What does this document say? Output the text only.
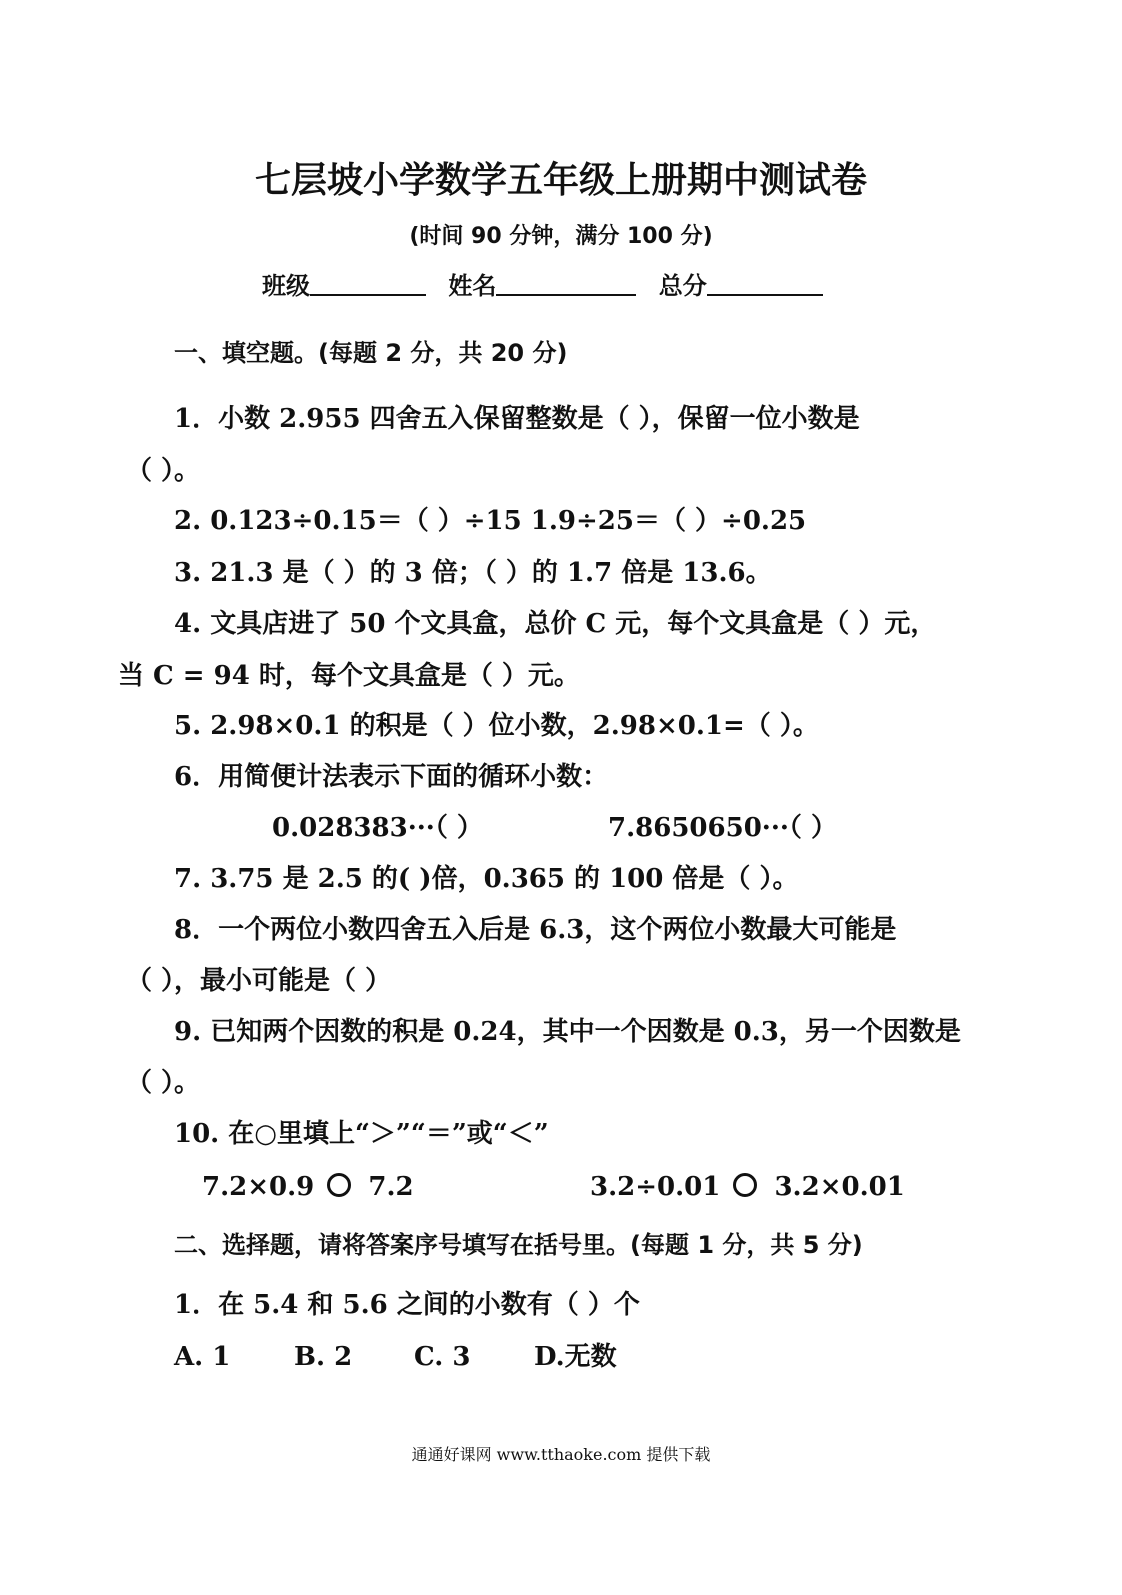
七层坡小学数学五年级上册期中测试卷
(时间 90 分钟，满分 100 分)
班级	姓名	总分
一、填空题。(每题 2 分，共 20 分)
1．小数 2.955 四舍五入保留整数是（ ），保留一位小数是
（ ）。
2. 0.123÷0.15＝（ ）÷15 1.9÷25＝（ ）÷0.25
3. 21.3 是（ ）的 3 倍；（ ）的 1.7 倍是 13.6。
4. 文具店进了 50 个文具盒，总价 C 元，每个文具盒是（ ）元，
当 C = 94 时，每个文具盒是（ ）元。
5. 2.98×0.1 的积是（ ）位小数，2.98×0.1=（ ）。
6．用简便计法表示下面的循环小数：
0.028383···（ ）	7.8650650···（ ）
7. 3.75 是 2.5 的( )倍，0.365 的 100 倍是（ ）。
8．一个两位小数四舍五入后是 6.3，这个两位小数最大可能是
（ ），最小可能是（ ）
9. 已知两个因数的积是 0.24，其中一个因数是 0.3，另一个因数是
（ ）。
10. 在○里填上“＞”“＝”或“＜”
7.2×0.9 7.2	3.2÷0.01 3.2×0.01
二、选择题，请将答案序号填写在括号里。(每题 1 分，共 5 分)
1．在 5.4 和 5.6 之间的小数有（ ）个
A. 1 B. 2 C. 3 D.无数
通通好课网 www.tthaoke.com 提供下载
